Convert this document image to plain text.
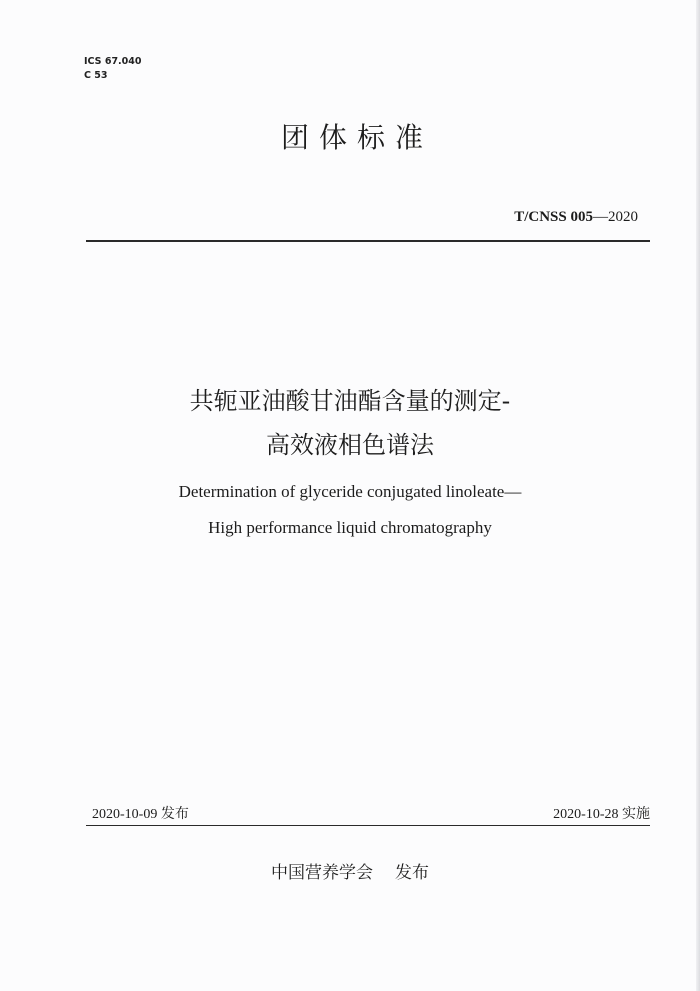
ICS 67.040
C 53
团体标准
T/CNSS 005—2020
共轭亚油酸甘油酯含量的测定-
高效液相色谱法
Determination of glyceride conjugated linoleate—
High performance liquid chromatography
2020-10-09 发布	2020-10-28 实施
中国营养学会 发布
